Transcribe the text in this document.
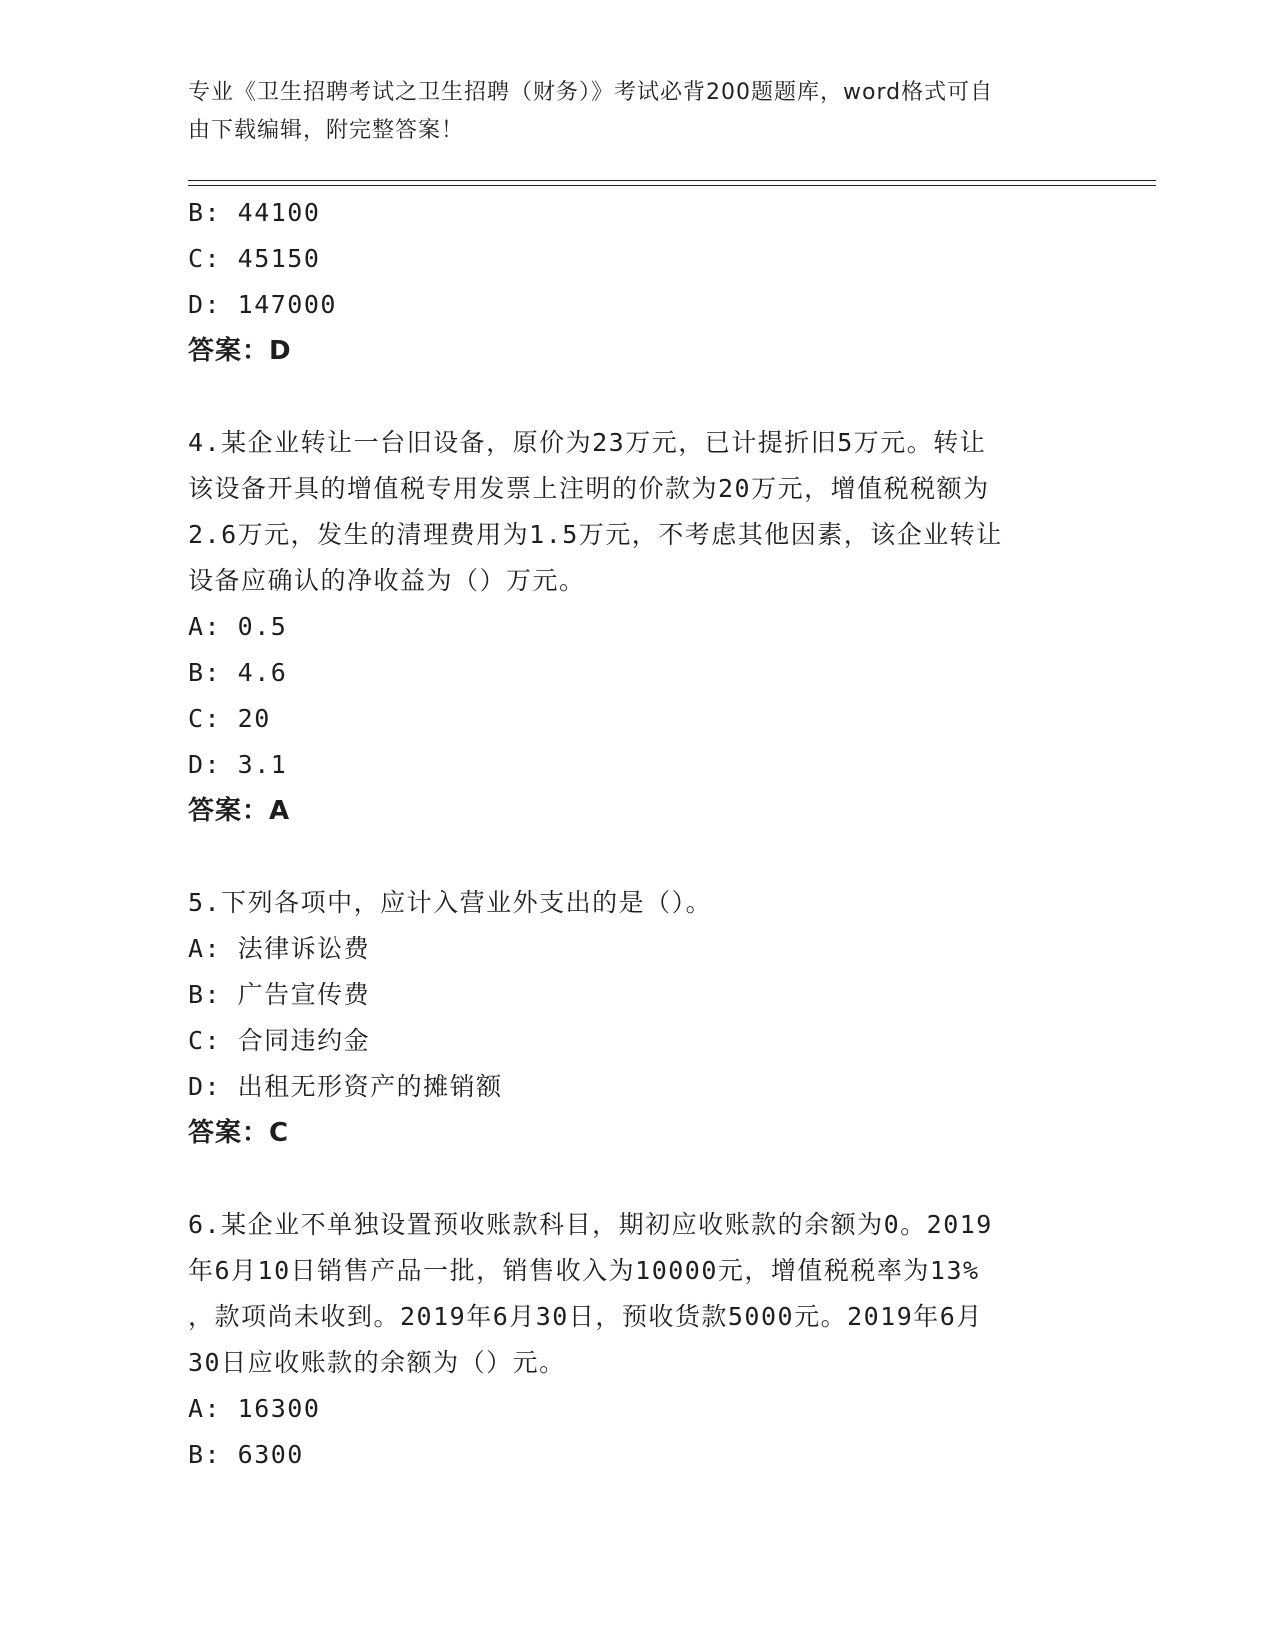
专业《卫生招聘考试之卫生招聘（财务）》考试必背200题题库，word格式可自
由下载编辑，附完整答案！
B: 44100
C: 45150
D: 147000
答案：D
4.某企业转让一台旧设备，原价为23万元，已计提折旧5万元。转让
该设备开具的增值税专用发票上注明的价款为20万元，增值税税额为
2.6万元，发生的清理费用为1.5万元，不考虑其他因素，该企业转让
设备应确认的净收益为（）万元。
A: 0.5
B: 4.6
C: 20
D: 3.1
答案：A
5.下列各项中，应计入营业外支出的是（）。
A: 法律诉讼费
B: 广告宣传费
C: 合同违约金
D: 出租无形资产的摊销额
答案：C
6.某企业不单独设置预收账款科目，期初应收账款的余额为0。2019
年6月10日销售产品一批，销售收入为10000元，增值税税率为13%
，款项尚未收到。2019年6月30日，预收货款5000元。2019年6月
30日应收账款的余额为（）元。
A: 16300
B: 6300
